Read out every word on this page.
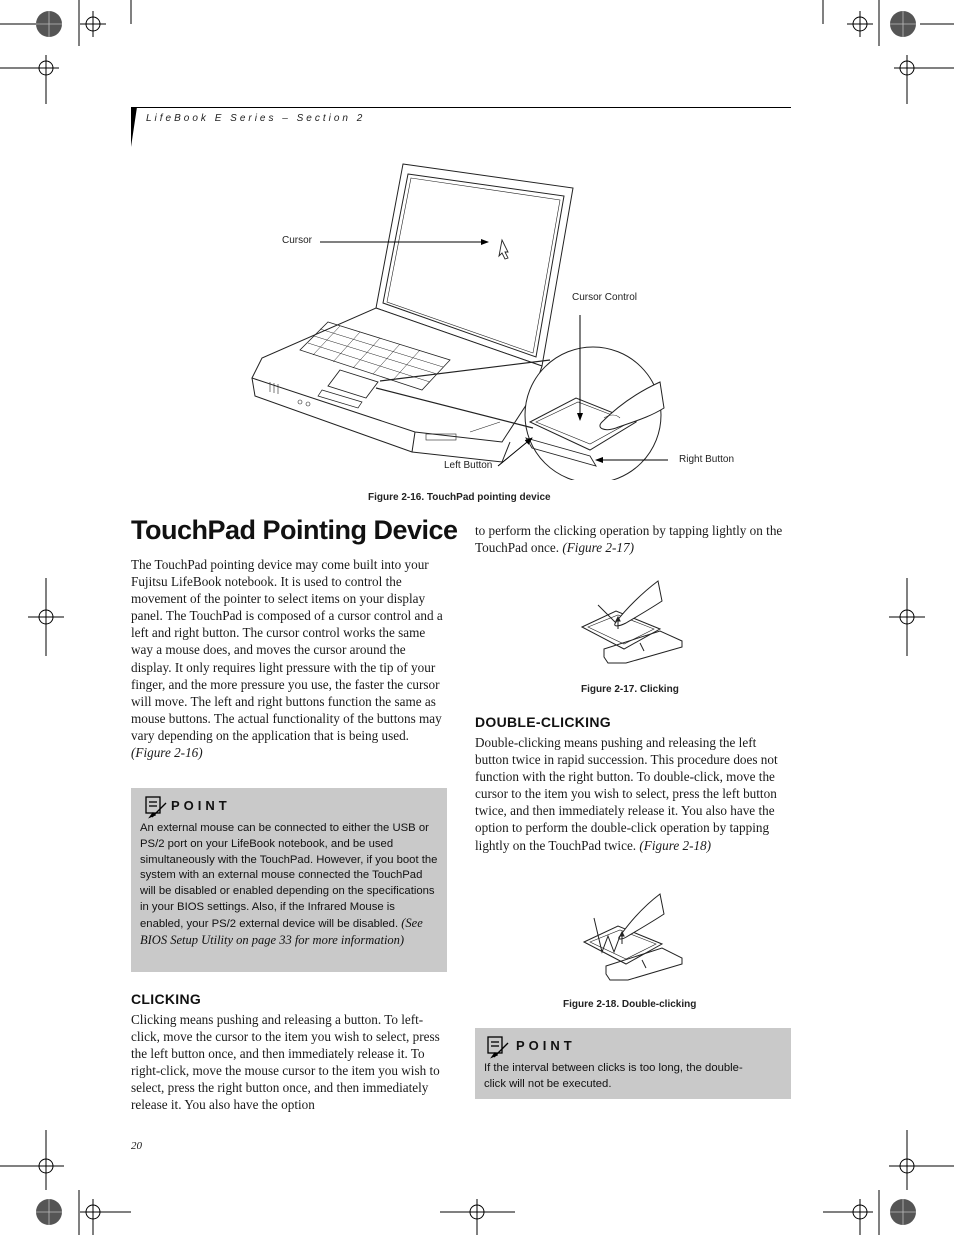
LifeBook E Series – Section 2
Cursor
Cursor Control
Left Button
Right Button
Figure 2-16. TouchPad pointing device
TouchPad Pointing Device
The TouchPad pointing device may come built into your Fujitsu LifeBook notebook. It is used to control the movement of the pointer to select items on your display panel. The TouchPad is composed of a cursor control and a left and right button. The cursor control works the same way a mouse does, and moves the cursor around the display. It only requires light pressure with the tip of your finger, and the more pressure you use, the faster the cursor will move. The left and right buttons function the same as mouse buttons. The actual functionality of the buttons may vary depending on the application that is being used. (Figure 2-16)
POINT
An external mouse can be connected to either the USB or PS/2 port on your LifeBook notebook, and be used simultaneously with the TouchPad. However, if you boot the system with an external mouse connected the TouchPad will be disabled or enabled depending on the specifications in your BIOS settings. Also, if the Infrared Mouse is enabled, your PS/2 external device will be disabled. (See BIOS Setup Utility on page 33 for more information)
CLICKING
Clicking means pushing and releasing a button. To left-click, move the cursor to the item you wish to select, press the left button once, and then immediately release it. To right-click, move the mouse cursor to the item you wish to select, press the right button once, and then immediately release it. You also have the option
to perform the clicking operation by tapping lightly on the TouchPad once. (Figure 2-17)
Figure 2-17. Clicking
DOUBLE-CLICKING
Double-clicking means pushing and releasing the left button twice in rapid succession. This procedure does not function with the right button. To double-click, move the cursor to the item you wish to select, press the left button twice, and then immediately release it. You also have the option to perform the double-click operation by tapping lightly on the TouchPad twice. (Figure 2-18)
Figure 2-18. Double-clicking
POINT
If the interval between clicks is too long, the double-click will not be executed.
20
